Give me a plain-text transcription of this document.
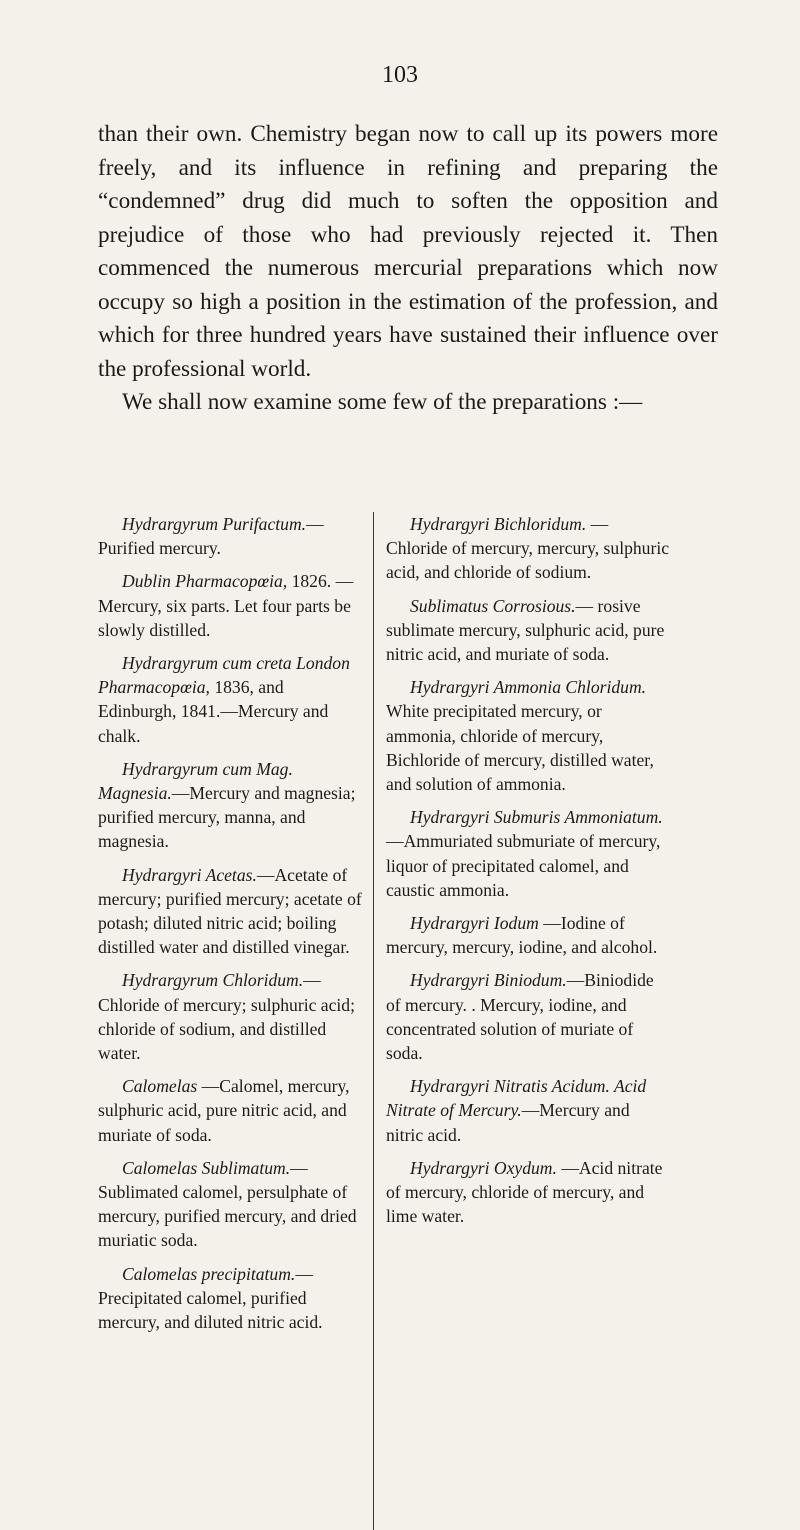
103

than their own. Chemistry began now to call up its powers more freely, and its influence in refining and preparing the “condemned” drug did much to soften the opposition and prejudice of those who had previously rejected it. Then commenced the numerous mercurial preparations which now occupy so high a position in the estimation of the profession, and which for three hundred years have sustained their influence over the professional world.

We shall now examine some few of the preparations :—

Hydrargyrum Purifactum.— Purified mercury.

Dublin Pharmacopœia, 1826. —Mercury, six parts. Let four parts be slowly distilled.

Hydrargyrum cum creta London Pharmacopœia, 1836, and Edinburgh, 1841.—Mercury and chalk.

Hydrargyrum cum Mag. Magnesia.—Mercury and magnesia; purified mercury, manna, and magnesia.

Hydrargyri Acetas.—Acetate of mercury; purified mercury; acetate of potash; diluted nitric acid; boiling distilled water and distilled vinegar.

Hydrargyrum Chloridum.— Chloride of mercury; sulphuric acid; chloride of sodium, and distilled water.

Calomelas —Calomel, mercury, sulphuric acid, pure nitric acid, and muriate of soda.

Calomelas Sublimatum.—Sublimated calomel, persulphate of mercury, purified mercury, and dried muriatic soda.

Calomelas precipitatum.—Precipitated calomel, purified mercury, and diluted nitric acid.

Hydrargyri Bichloridum. — Chloride of mercury, mercury, sulphuric acid, and chloride of sodium.

Sublimatus Corrosious.— rosive sublimate mercury, sulphuric acid, pure nitric acid, and muriate of soda.

Hydrargyri Ammonia Chloridum. White precipitated mercury, or ammonia, chloride of mercury, Bichloride of mercury, distilled water, and solution of ammonia.

Hydrargyri Submuris Ammoniatum.—Ammuriated submuriate of mercury, liquor of precipitated calomel, and caustic ammonia.

Hydrargyri Iodum —Iodine of mercury, mercury, iodine, and alcohol.

Hydrargyri Biniodum.—Biniodide of mercury. . Mercury, iodine, and concentrated solution of muriate of soda.

Hydrargyri Nitratis Acidum. Acid Nitrate of Mercury.—Mercury and nitric acid.

Hydrargyri Oxydum. —Acid nitrate of mercury, chloride of mercury, and lime water.
